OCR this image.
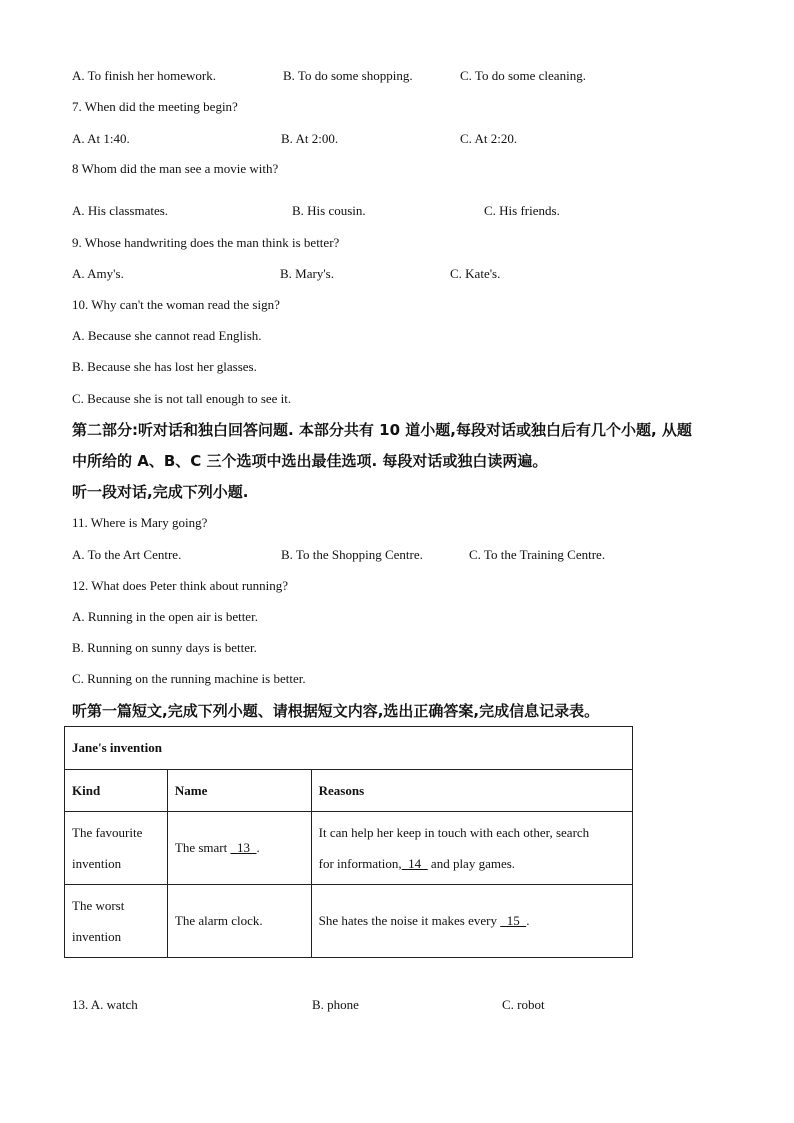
A. To finish her homework.	B. To do some shopping.	C. To do some cleaning.
7. When did the meeting begin?
A. At 1:40.	B. At 2:00.	C. At 2:20.
8 Whom did the man see a movie with?
A. His classmates.	B. His cousin.	C. His friends.
9. Whose handwriting does the man think is better?
A. Amy's.	B. Mary's.	C. Kate's.
10. Why can't the woman read the sign?
A. Because she cannot read English.
B. Because she has lost her glasses.
C. Because she is not tall enough to see it.
第二部分:听对话和独白回答问题. 本部分共有 10 道小题,每段对话或独白后有几个小题, 从题
中所给的 A、B、C 三个选项中选出最佳选项. 每段对话或独白读两遍。
听一段对话,完成下列小题.
11. Where is Mary going?
A. To the Art Centre.	B. To the Shopping Centre.	C. To the Training Centre.
12. What does Peter think about running?
A. Running in the open air is better.
B. Running on sunny days is better.
C. Running on the running machine is better.
听第一篇短文,完成下列小题、请根据短文内容,选出正确答案,完成信息记录表。
Jane's invention		
Kind	Name	Reasons
The favourite
invention	The smart   13  .	It can help her keep in touch with each other, search
for information,  14   and play games.
The worst
invention	The alarm clock.	She hates the noise it makes every   15  .
13. A. watch	B. phone	C. robot
